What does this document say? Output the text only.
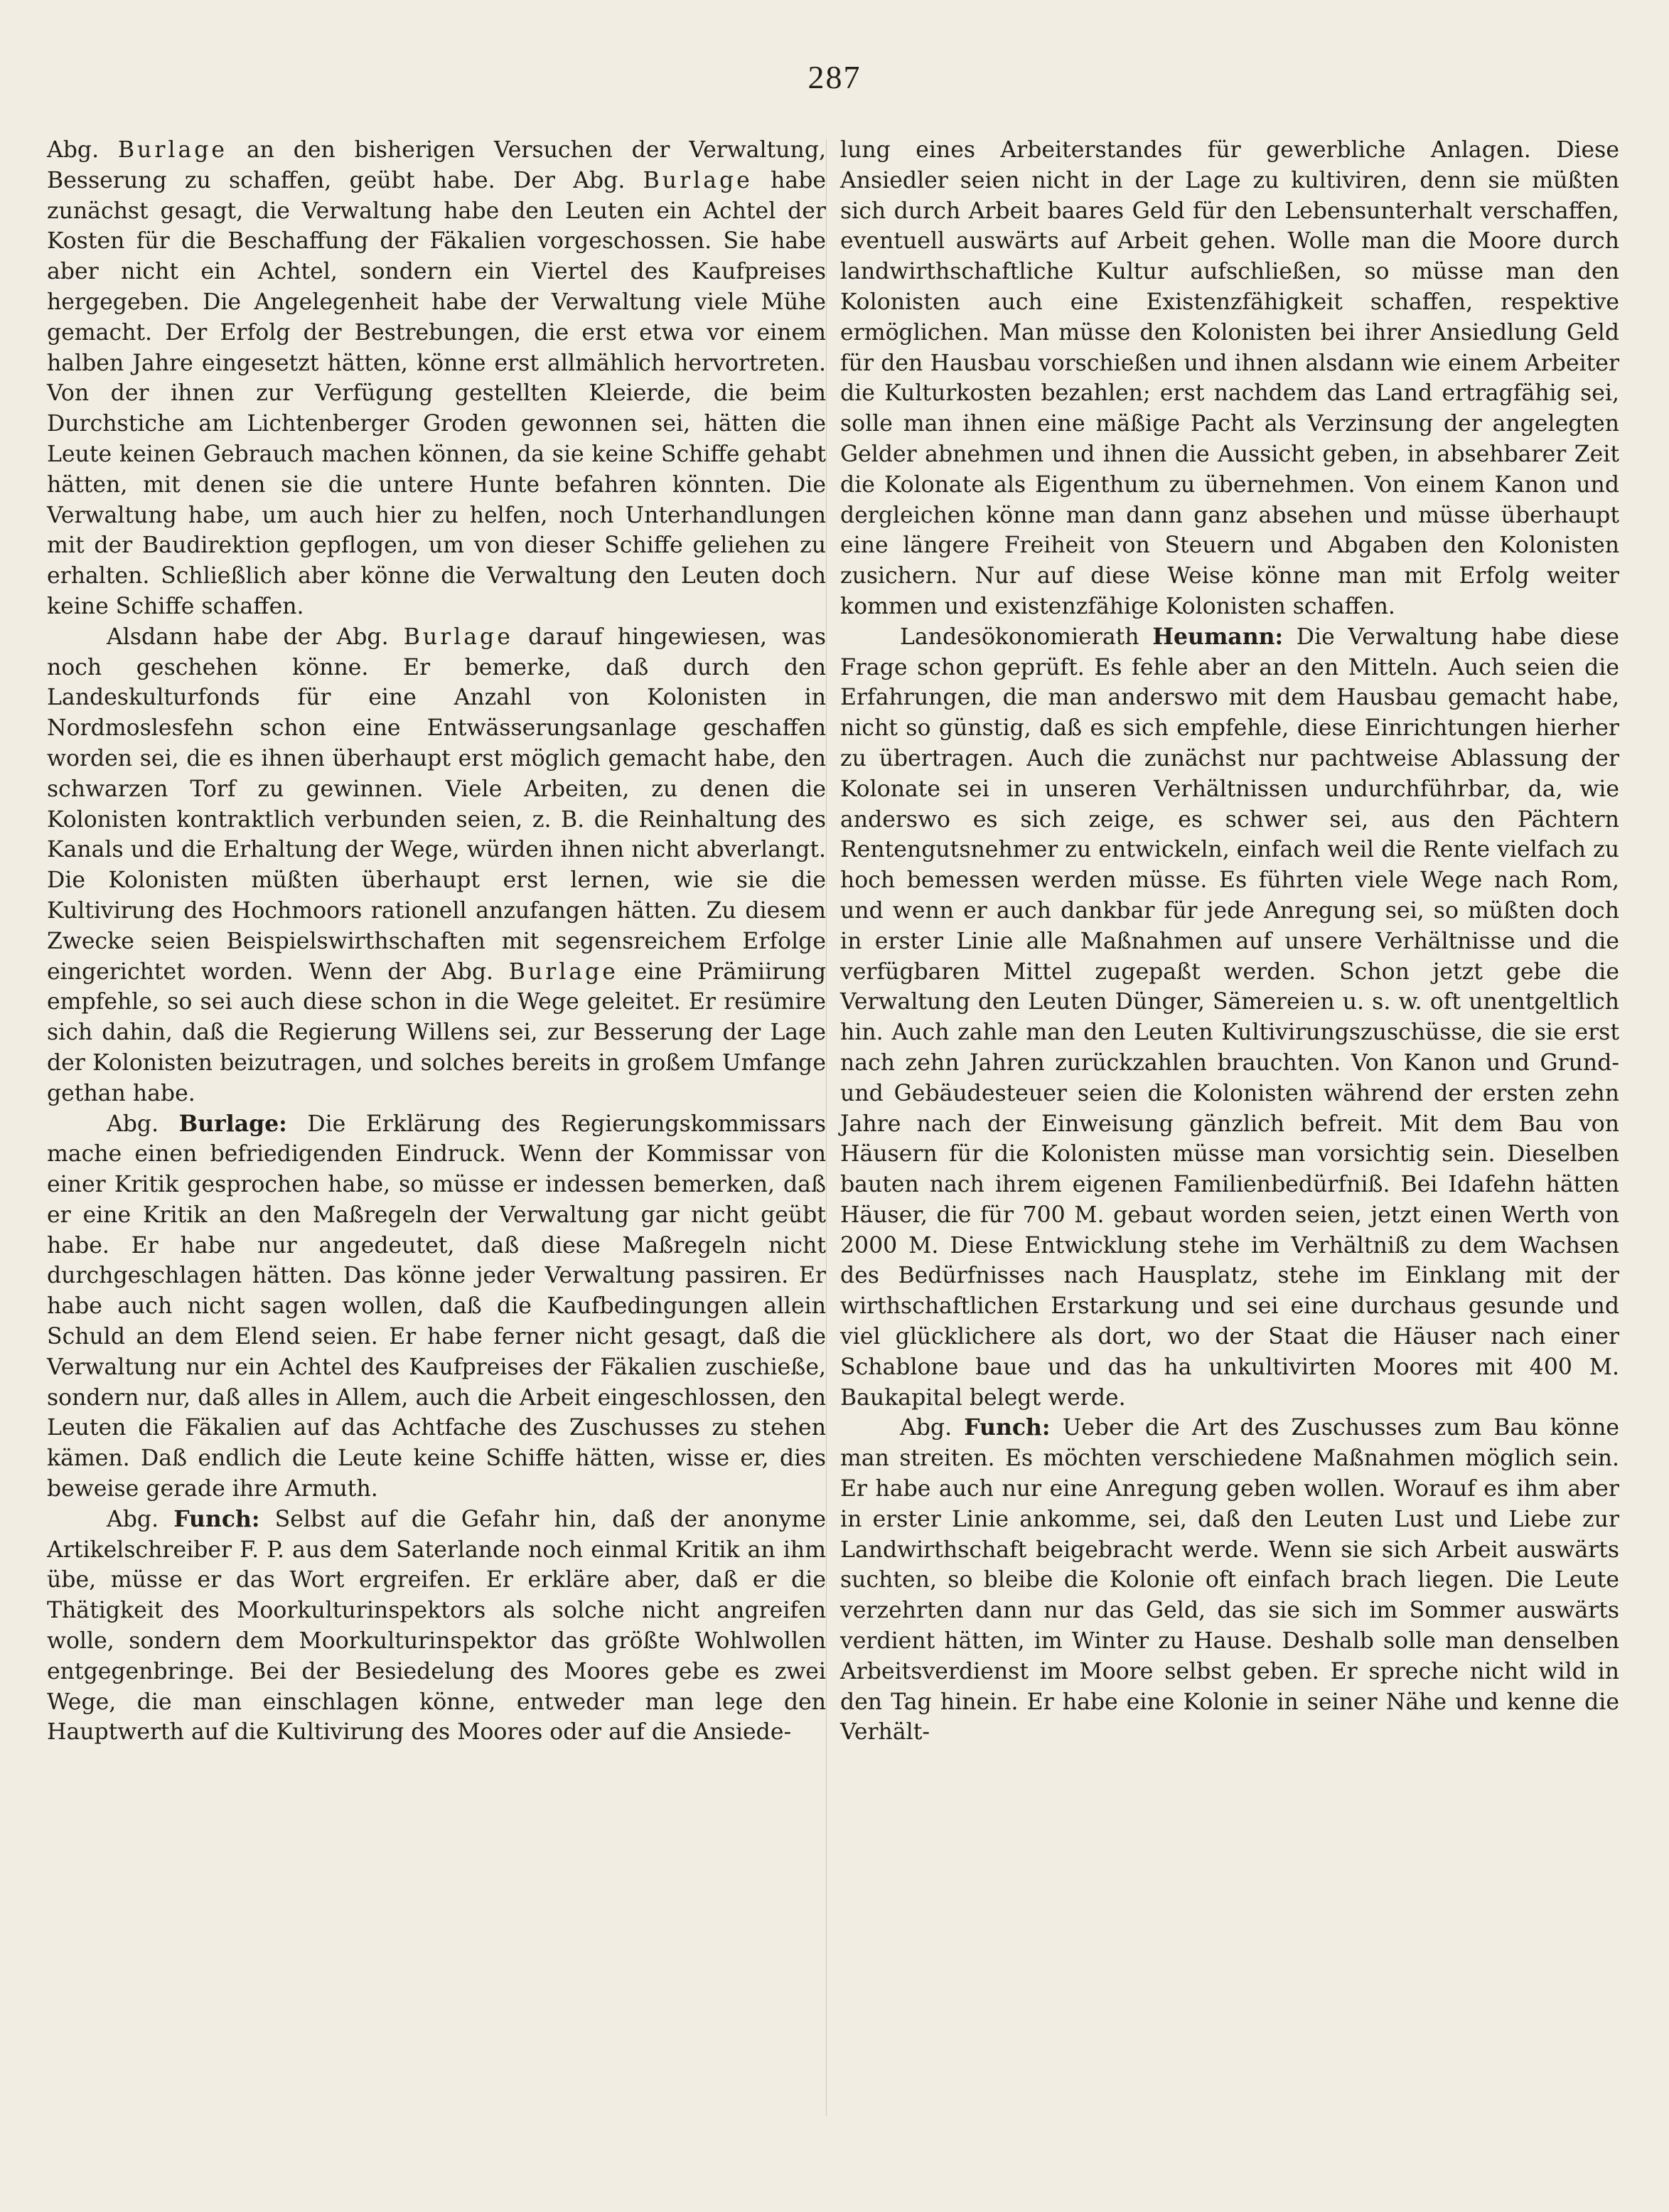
287

Abg. Burlage an den bisherigen Versuchen der Verwaltung, Besserung zu schaffen, geübt habe. Der Abg. Burlage habe zunächst gesagt, die Verwaltung habe den Leuten ein Achtel der Kosten für die Beschaffung der Fäkalien vorgeschossen. Sie habe aber nicht ein Achtel, sondern ein Viertel des Kaufpreises hergegeben. Die Angelegenheit habe der Verwaltung viele Mühe gemacht. Der Erfolg der Bestrebungen, die erst etwa vor einem halben Jahre eingesetzt hätten, könne erst allmählich hervortreten. Von der ihnen zur Verfügung gestellten Kleierde, die beim Durchstiche am Lichtenberger Groden gewonnen sei, hätten die Leute keinen Gebrauch machen können, da sie keine Schiffe gehabt hätten, mit denen sie die untere Hunte befahren könnten. Die Verwaltung habe, um auch hier zu helfen, noch Unterhandlungen mit der Baudirektion gepflogen, um von dieser Schiffe geliehen zu erhalten. Schließlich aber könne die Verwaltung den Leuten doch keine Schiffe schaffen.

Alsdann habe der Abg. Burlage darauf hingewiesen, was noch geschehen könne. Er bemerke, daß durch den Landeskulturfonds für eine Anzahl von Kolonisten in Nordmoslesfehn schon eine Entwässerungsanlage geschaffen worden sei, die es ihnen überhaupt erst möglich gemacht habe, den schwarzen Torf zu gewinnen. Viele Arbeiten, zu denen die Kolonisten kontraktlich verbunden seien, z. B. die Reinhaltung des Kanals und die Erhaltung der Wege, würden ihnen nicht abverlangt. Die Kolonisten müßten überhaupt erst lernen, wie sie die Kultivirung des Hochmoors rationell anzufangen hätten. Zu diesem Zwecke seien Beispielswirthschaften mit segensreichem Erfolge eingerichtet worden. Wenn der Abg. Burlage eine Prämiirung empfehle, so sei auch diese schon in die Wege geleitet. Er resümire sich dahin, daß die Regierung Willens sei, zur Besserung der Lage der Kolonisten beizutragen, und solches bereits in großem Umfange gethan habe.

Abg. Burlage: Die Erklärung des Regierungskommissars mache einen befriedigenden Eindruck. Wenn der Kommissar von einer Kritik gesprochen habe, so müsse er indessen bemerken, daß er eine Kritik an den Maßregeln der Verwaltung gar nicht geübt habe. Er habe nur angedeutet, daß diese Maßregeln nicht durchgeschlagen hätten. Das könne jeder Verwaltung passiren. Er habe auch nicht sagen wollen, daß die Kaufbedingungen allein Schuld an dem Elend seien. Er habe ferner nicht gesagt, daß die Verwaltung nur ein Achtel des Kaufpreises der Fäkalien zuschieße, sondern nur, daß alles in Allem, auch die Arbeit eingeschlossen, den Leuten die Fäkalien auf das Achtfache des Zuschusses zu stehen kämen. Daß endlich die Leute keine Schiffe hätten, wisse er, dies beweise gerade ihre Armuth.

Abg. Funch: Selbst auf die Gefahr hin, daß der anonyme Artikelschreiber F. P. aus dem Saterlande noch einmal Kritik an ihm übe, müsse er das Wort ergreifen. Er erkläre aber, daß er die Thätigkeit des Moorkulturinspektors als solche nicht angreifen wolle, sondern dem Moorkulturinspektor das größte Wohlwollen entgegenbringe. Bei der Besiedelung des Moores gebe es zwei Wege, die man einschlagen könne, entweder man lege den Hauptwerth auf die Kultivirung des Moores oder auf die Ansiede-

lung eines Arbeiterstandes für gewerbliche Anlagen. Diese Ansiedler seien nicht in der Lage zu kultiviren, denn sie müßten sich durch Arbeit baares Geld für den Lebensunterhalt verschaffen, eventuell auswärts auf Arbeit gehen. Wolle man die Moore durch landwirthschaftliche Kultur aufschließen, so müsse man den Kolonisten auch eine Existenzfähigkeit schaffen, respektive ermöglichen. Man müsse den Kolonisten bei ihrer Ansiedlung Geld für den Hausbau vorschießen und ihnen alsdann wie einem Arbeiter die Kulturkosten bezahlen; erst nachdem das Land ertragfähig sei, solle man ihnen eine mäßige Pacht als Verzinsung der angelegten Gelder abnehmen und ihnen die Aussicht geben, in absehbarer Zeit die Kolonate als Eigenthum zu übernehmen. Von einem Kanon und dergleichen könne man dann ganz absehen und müsse überhaupt eine längere Freiheit von Steuern und Abgaben den Kolonisten zusichern. Nur auf diese Weise könne man mit Erfolg weiter kommen und existenzfähige Kolonisten schaffen.

Landesökonomierath Heumann: Die Verwaltung habe diese Frage schon geprüft. Es fehle aber an den Mitteln. Auch seien die Erfahrungen, die man anderswo mit dem Hausbau gemacht habe, nicht so günstig, daß es sich empfehle, diese Einrichtungen hierher zu übertragen. Auch die zunächst nur pachtweise Ablassung der Kolonate sei in unseren Verhältnissen undurchführbar, da, wie anderswo es sich zeige, es schwer sei, aus den Pächtern Rentengutsnehmer zu entwickeln, einfach weil die Rente vielfach zu hoch bemessen werden müsse. Es führten viele Wege nach Rom, und wenn er auch dankbar für jede Anregung sei, so müßten doch in erster Linie alle Maßnahmen auf unsere Verhältnisse und die verfügbaren Mittel zugepaßt werden. Schon jetzt gebe die Verwaltung den Leuten Dünger, Sämereien u. s. w. oft unentgeltlich hin. Auch zahle man den Leuten Kultivirungszuschüsse, die sie erst nach zehn Jahren zurückzahlen brauchten. Von Kanon und Grund- und Gebäudesteuer seien die Kolonisten während der ersten zehn Jahre nach der Einweisung gänzlich befreit. Mit dem Bau von Häusern für die Kolonisten müsse man vorsichtig sein. Dieselben bauten nach ihrem eigenen Familienbedürfniß. Bei Idafehn hätten Häuser, die für 700 M. gebaut worden seien, jetzt einen Werth von 2000 M. Diese Entwicklung stehe im Verhältniß zu dem Wachsen des Bedürfnisses nach Hausplatz, stehe im Einklang mit der wirthschaftlichen Erstarkung und sei eine durchaus gesunde und viel glücklichere als dort, wo der Staat die Häuser nach einer Schablone baue und das ha unkultivirten Moores mit 400 M. Baukapital belegt werde.

Abg. Funch: Ueber die Art des Zuschusses zum Bau könne man streiten. Es möchten verschiedene Maßnahmen möglich sein. Er habe auch nur eine Anregung geben wollen. Worauf es ihm aber in erster Linie ankomme, sei, daß den Leuten Lust und Liebe zur Landwirthschaft beigebracht werde. Wenn sie sich Arbeit auswärts suchten, so bleibe die Kolonie oft einfach brach liegen. Die Leute verzehrten dann nur das Geld, das sie sich im Sommer auswärts verdient hätten, im Winter zu Hause. Deshalb solle man denselben Arbeitsverdienst im Moore selbst geben. Er spreche nicht wild in den Tag hinein. Er habe eine Kolonie in seiner Nähe und kenne die Verhält-
